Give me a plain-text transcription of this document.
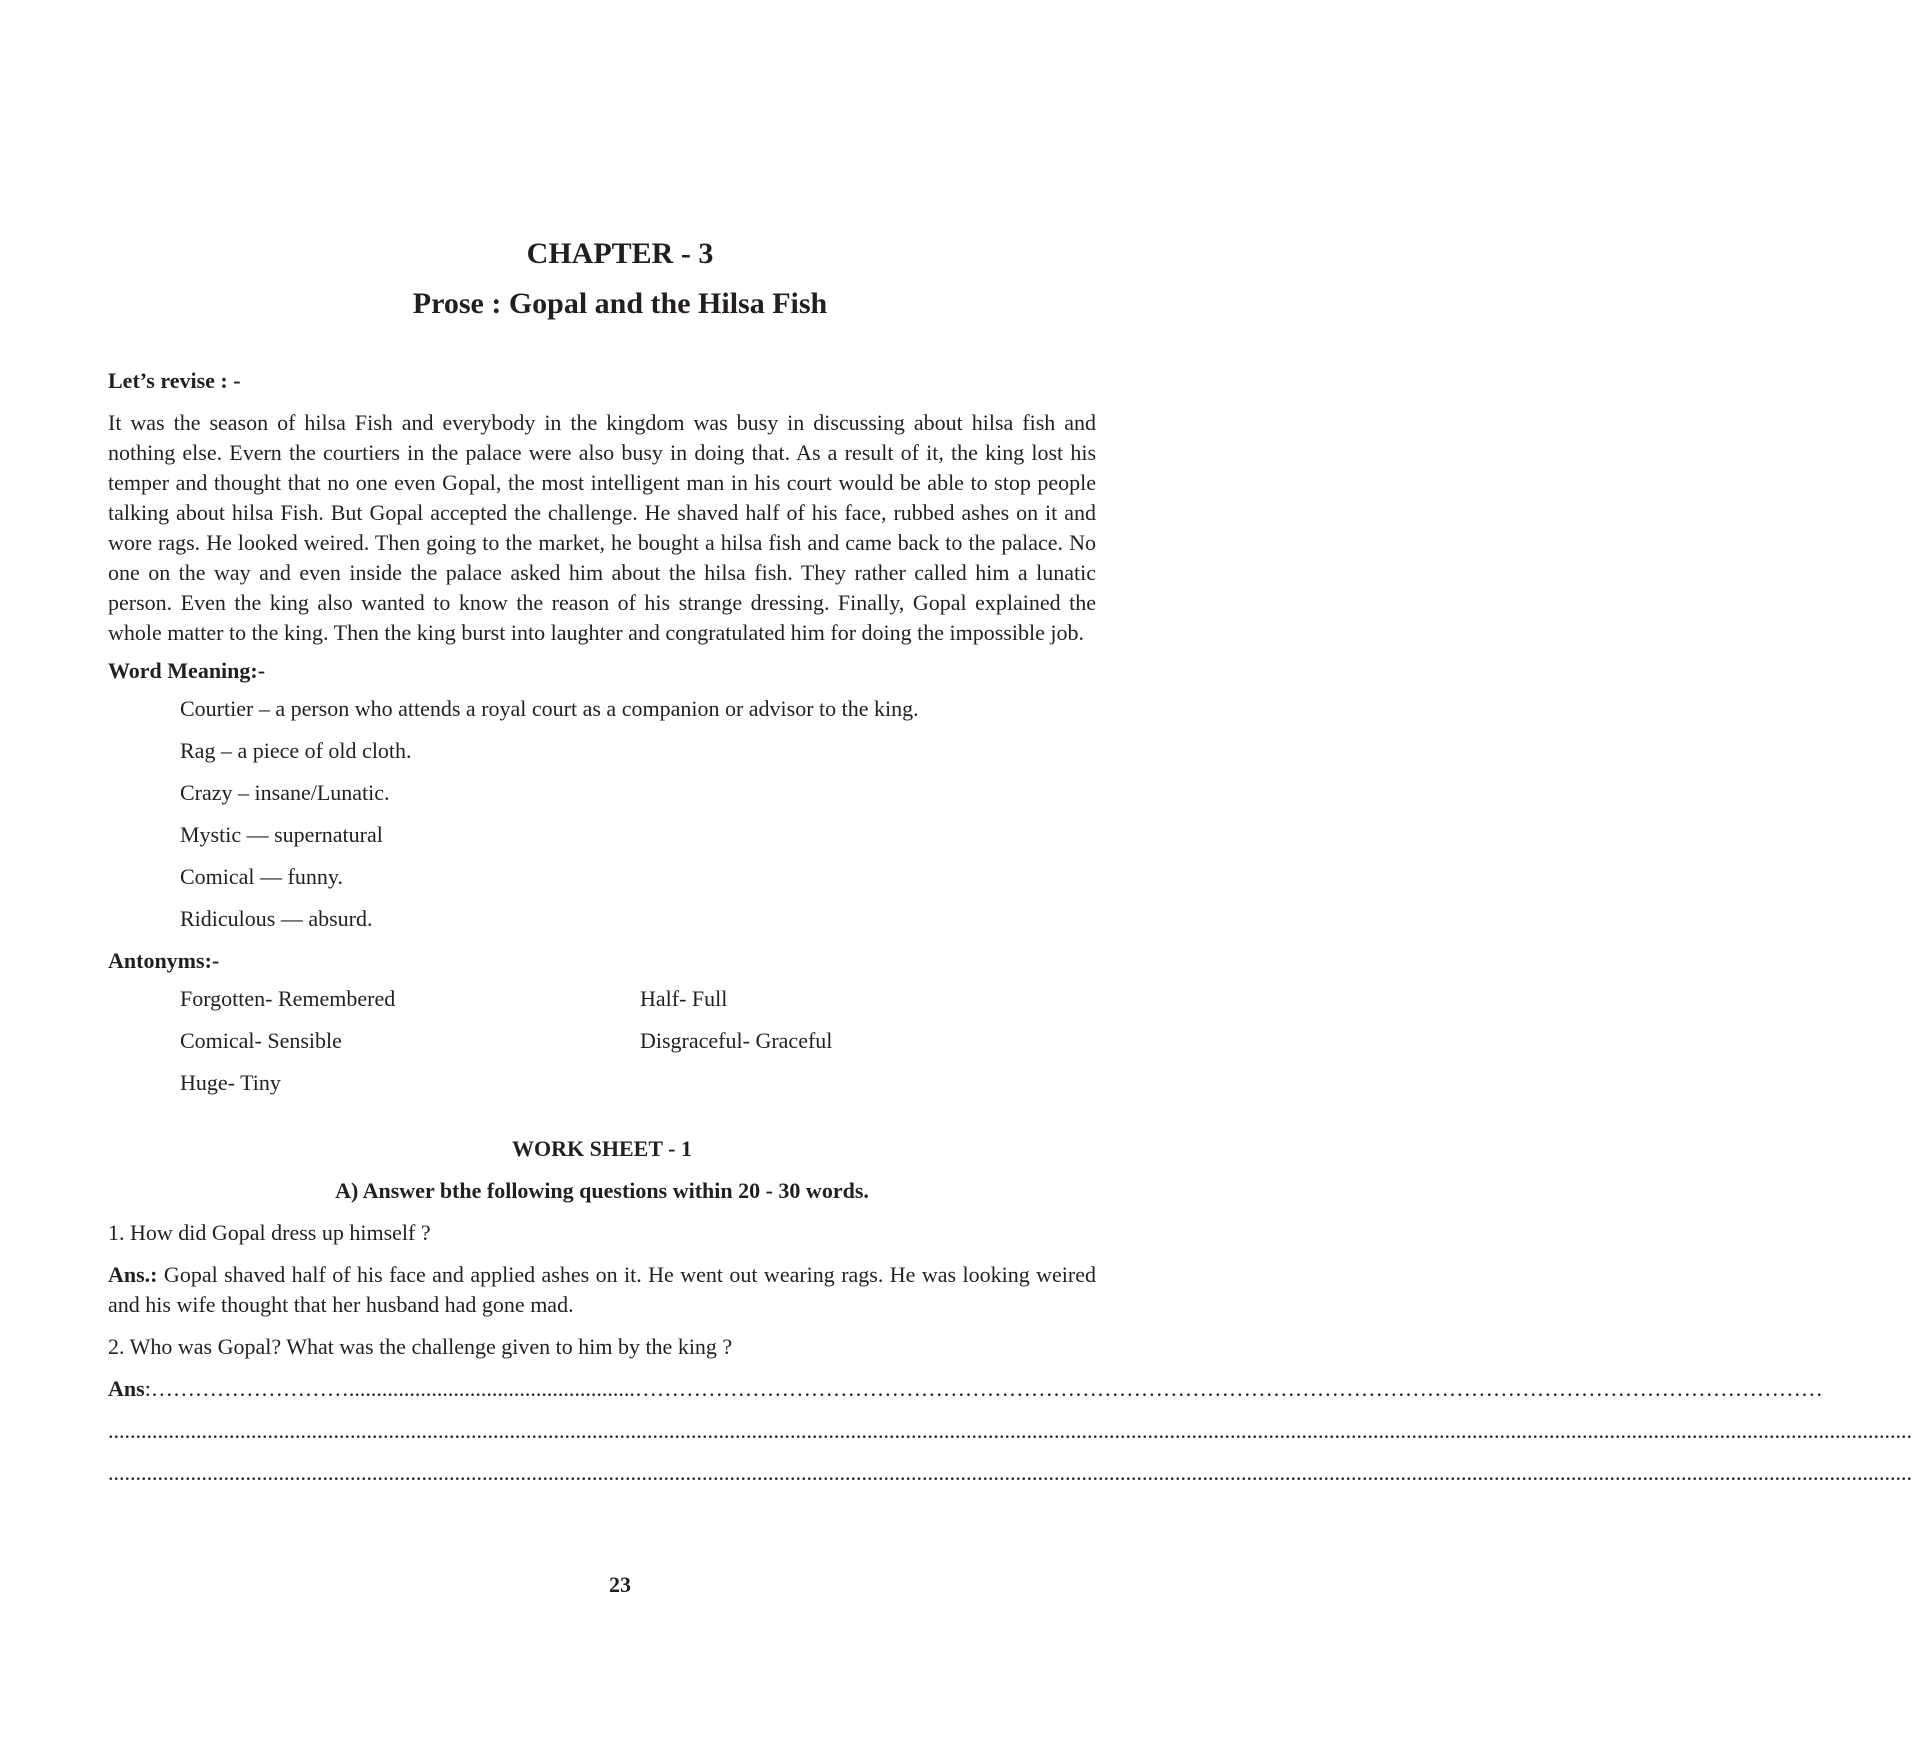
CHAPTER - 3
Prose : Gopal and the Hilsa Fish

Let’s revise : -

It was the season of hilsa Fish and everybody in the kingdom was busy in discussing about hilsa fish and nothing else. Evern the courtiers in the palace were also busy in doing that. As a result of it, the king lost his temper and thought that no one even Gopal, the most intelligent man in his court would be able to stop people talking about hilsa Fish. But Gopal accepted the challenge. He shaved half of his face, rubbed ashes on it and wore rags. He looked weired. Then going to the market, he bought a hilsa fish and came back to the palace. No one on the way and even inside the palace asked him about the hilsa fish. They rather called him a lunatic person. Even the king also wanted to know the reason of his strange dressing. Finally, Gopal explained the whole matter to the king. Then the king burst into laughter and congratulated him for doing the impossible job.

Word Meaning:-

Courtier – a person who attends a royal court as a companion or advisor to the king.
Rag – a piece of old cloth.
Crazy – insane/Lunatic.
Mystic — supernatural
Comical — funny.
Ridiculous — absurd.

Antonyms:-

Forgotten- Remembered	Half- Full
Comical- Sensible	Disgraceful- Graceful
Huge- Tiny
WORK SHEET - 1
A) Answer bthe following questions within 20 - 30 words.

1. How did Gopal dress up himself ?

Ans.: Gopal shaved half of his face and applied ashes on it. He went out wearing rags. He was looking weired and his wife thought that her husband had gone mad.

2. Who was Gopal? What was the challenge given to him by the king ?

Ans : ………………………....................................................………………………………………………………………………………………………………………………………………………
........................................................................................................................................................................................................................................................................................................................................
........................................................................................................................................................................................................................................................................................................................................
23
